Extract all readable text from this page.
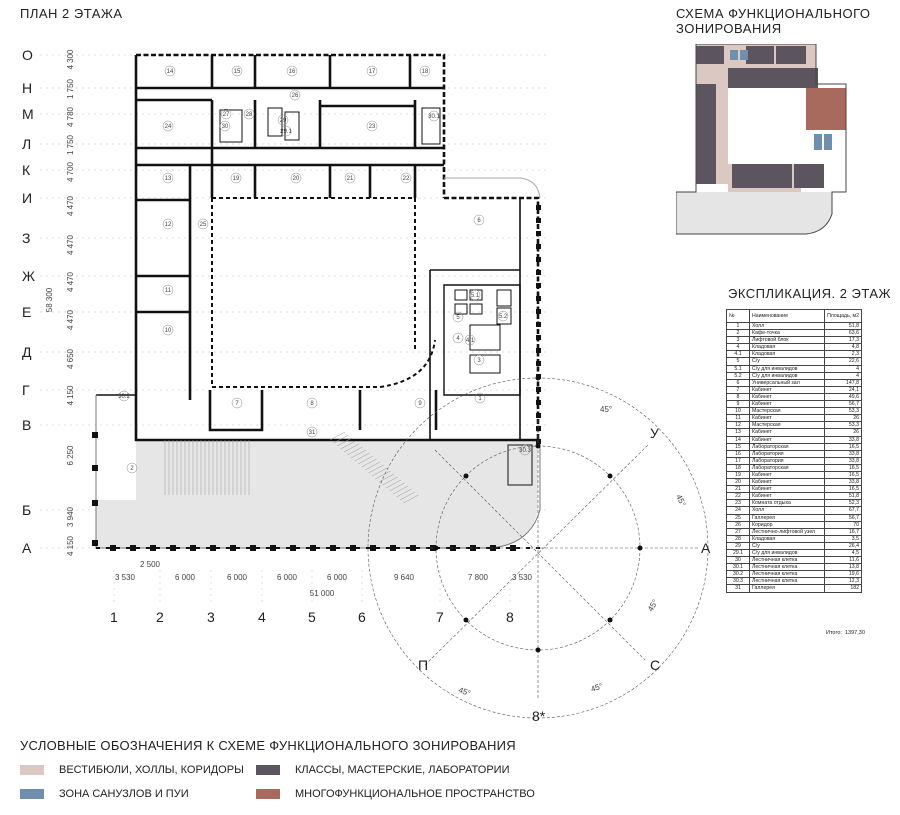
ПЛАН 2 ЭТАЖА	СХЕМА ФУНКЦИОНАЛЬНОГО
ЗОНИРОВАНИЯ
ЭКСПЛИКАЦИЯ. 2 ЭТАЖ
О
Н
М
Л
К
И
З
Ж
Е
Д
Г
В
Б
А
1	2	3	4	5	6	7	8
4 300
1 750
4 780
1 750
4 700
4 470
4 470
4 470
4 470
4 650
4 150
6 250
3 940
4 150
58 300
3 530	6 000	6 000	6 000	6 000	9 640	7 800	3 530
2 500
51 000
14	15	16	17	18
26
24	30
27	28
29
29.1
23
30.1
13	19	20	21	22
12	25
11
10
6
5.1
5	5.2
4 4.1
3
1
7	8	9
31
30.2
2
30.3
У
С
П
8*
А
45°
45°
45°
45°
45°
№	Наименование	Площадь, м2
1	Холл	51,8
2	Кафе-точка	63,6
3	Лифтовой блок	17,3
4	Кладовая	4,8
4.1	Кладовая	2,3
5	С/у	22,6
5.1	С/у для инвалидов	4
5.2	С/у для инвалидов	4
6	Универсальный зал	147,8
7	Кабинет	24,1
8	Кабинет	49,6
9	Кабинет	56,7
10	Мастерская	53,3
11	Кабинет	26
12	Мастерская	53,3
13	Кабинет	26
14	Кабинет	33,8
15	Лабораторская	16,5
16	Лаборатория	33,8
17	Лаборатория	33,8
18	Лабораторская	16,5
19	Кабинет	16,5
20	Кабинет	33,8
21	Кабинет	16,5
22	Кабинет	51,8
23	Комната отдыха	52,3
24	Холл	67,7
25	Галлерея	56,7
26	Коридор	70
27	Лестнично-лифтовой узел	16,7
28	Кладовая	3,5
29	С/у	26,4
29.1	С/у для инвалидов	4,5
30	Лестничная клетка	11,6
30.1	Лестничная клетка	13,8
30.2	Лестничная клетка	19,6
30.3	Лестничная клетка	12,3
31	Галлерея	182
Итого: 1397,30
УСЛОВНЫЕ ОБОЗНАЧЕНИЯ К СХЕМЕ ФУНКЦИОНАЛЬНОГО ЗОНИРОВАНИЯ
ВЕСТИБЮЛИ, ХОЛЛЫ, КОРИДОРЫ	КЛАССЫ, МАСТЕРСКИЕ, ЛАБОРАТОРИИ
ЗОНА САНУЗЛОВ И ПУИ	МНОГОФУНКЦИОНАЛЬНОЕ ПРОСТРАНСТВО
